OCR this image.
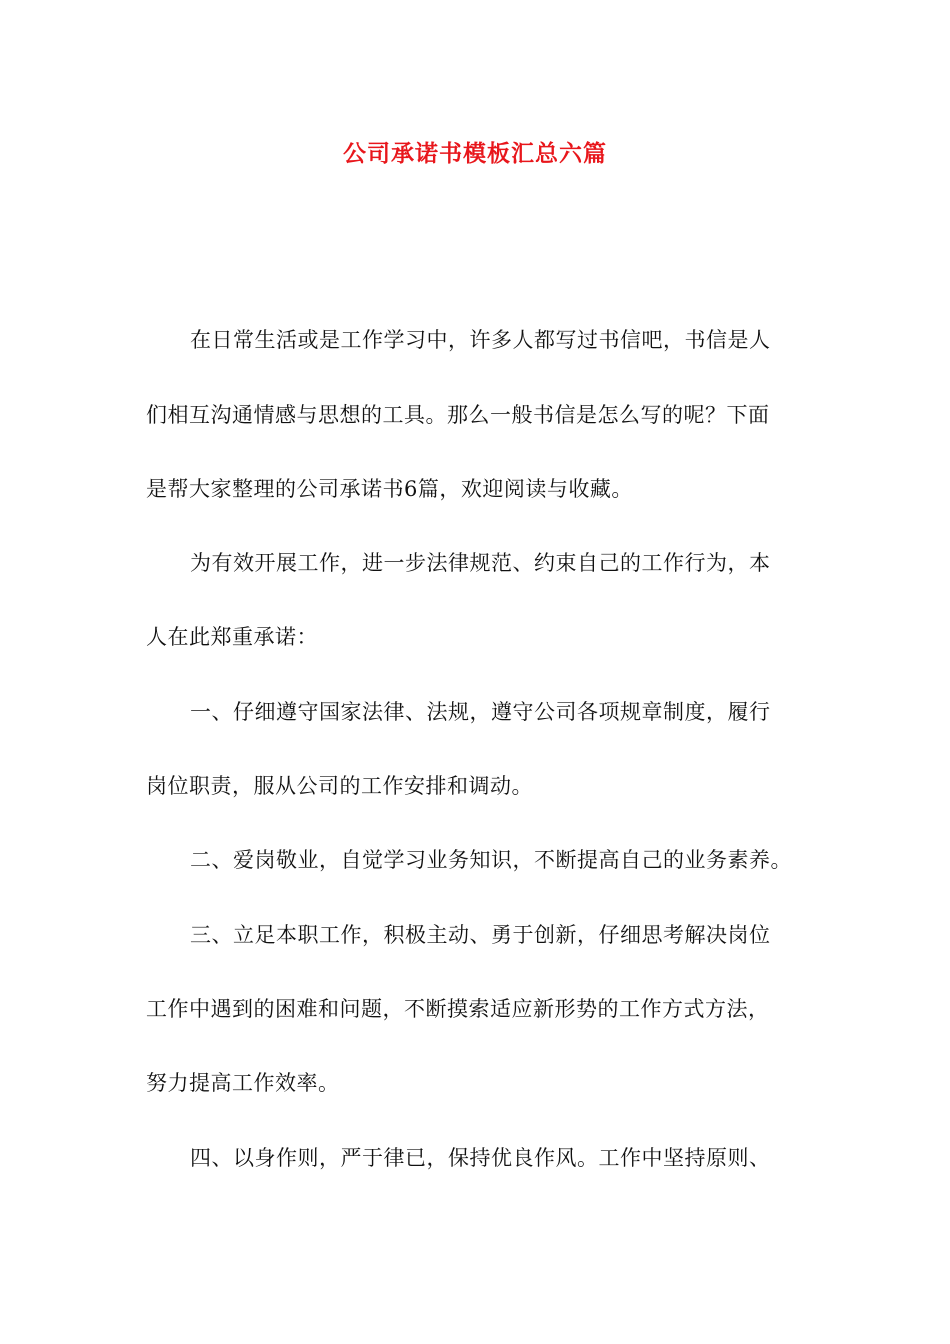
公司承诺书模板汇总六篇
在日常生活或是工作学习中，许多人都写过书信吧，书信是人
们相互沟通情感与思想的工具。那么一般书信是怎么写的呢？下面
是帮大家整理的公司承诺书6篇，欢迎阅读与收藏。
为有效开展工作，进一步法律规范、约束自己的工作行为，本
人在此郑重承诺：
一、仔细遵守国家法律、法规，遵守公司各项规章制度，履行
岗位职责，服从公司的工作安排和调动。
二、爱岗敬业，自觉学习业务知识，不断提高自己的业务素养。
三、立足本职工作，积极主动、勇于创新，仔细思考解决岗位
工作中遇到的困难和问题，不断摸索适应新形势的工作方式方法，
努力提高工作效率。
四、以身作则，严于律已，保持优良作风。工作中坚持原则、
